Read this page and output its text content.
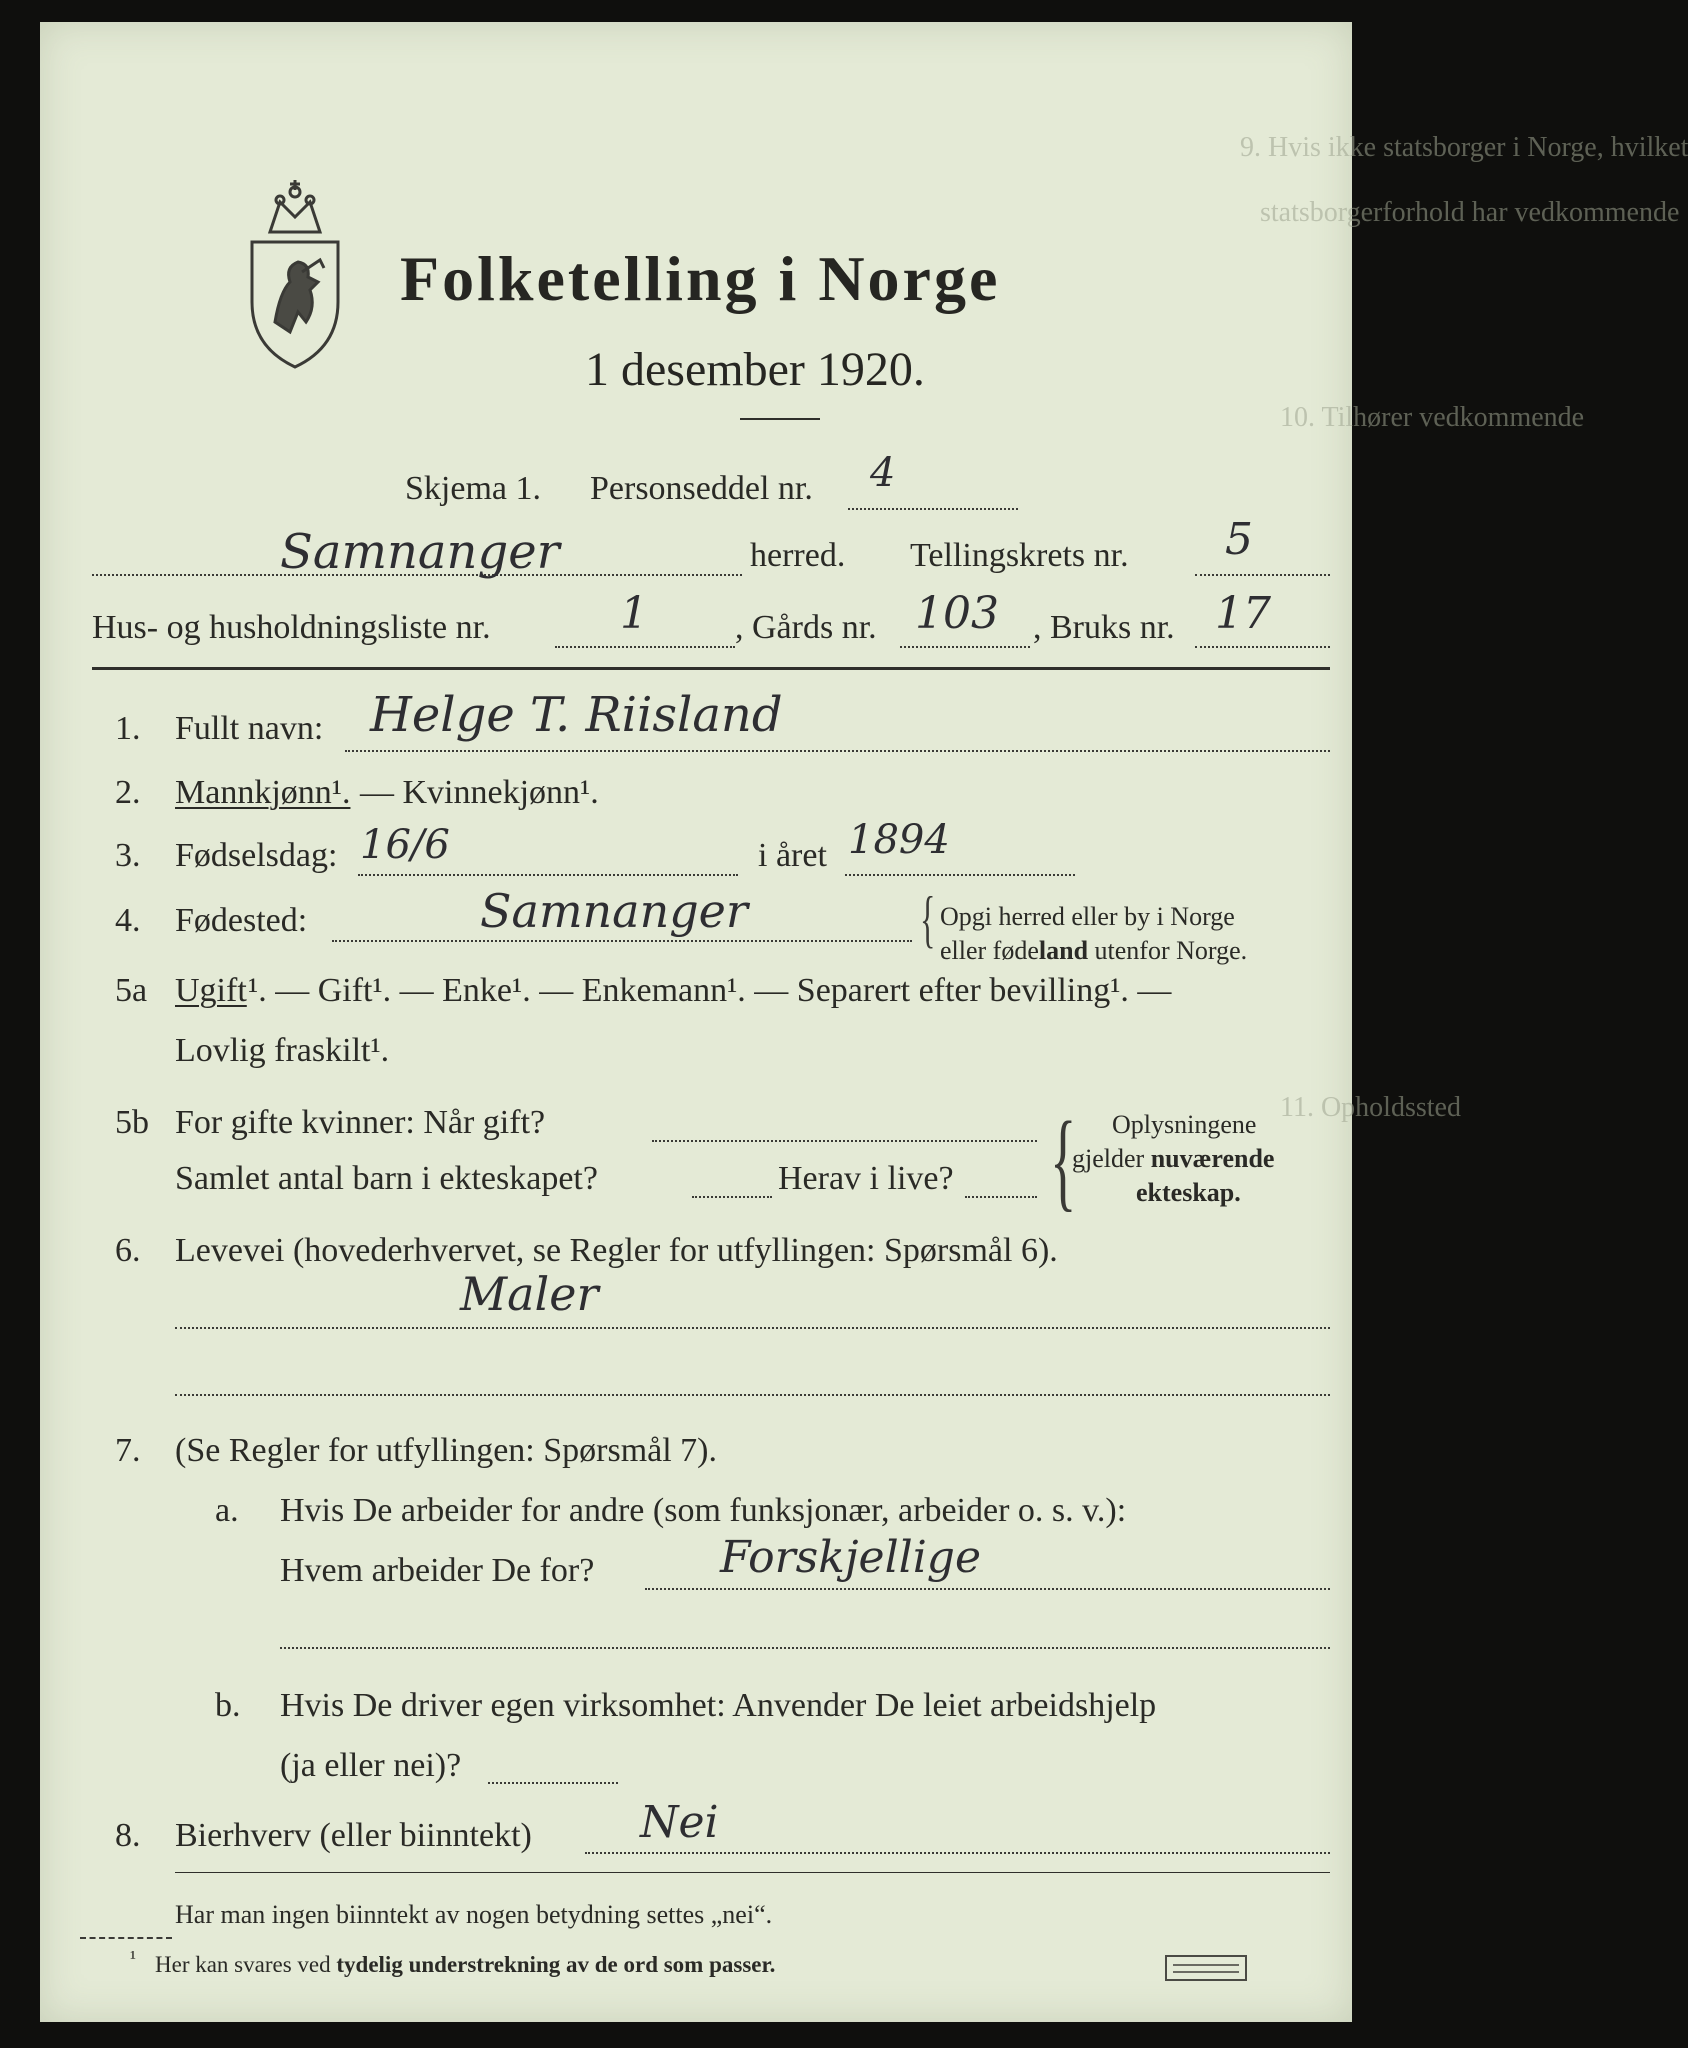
9. Hvis ikke statsborger i Norge, hvilket
statsborgerforhold har vedkommende
10. Tilhører vedkommende
11. Opholdssted
Folketelling i Norge
1 desember 1920.
Skjema 1. Personseddel nr. 4
Samnanger	herred. Tellingskrets nr. 5
Hus- og husholdningsliste nr.	1	, Gårds nr. 103 , Bruks nr. 17
1. Fullt navn: Helge T. Riisland
2. Mannkjønn¹. — Kvinnekjønn¹.
3. Fødselsdag: 16/6	i året 1894
4. Fødested:	Samnanger	{ Opgi herred eller by i Norge
eller fødeland utenfor Norge.
5a Ugift ¹. — Gift¹. — Enke¹. — Enkemann¹. — Separert efter bevilling¹. —
Lovlig fraskilt¹.
5b For gifte kvinner: Når gift?
Samlet antal barn i ekteskapet?	Herav i live? { Oplysningene
gjelder nuværende
ekteskap.
6. Levevei (hovederhvervet, se Regler for utfyllingen: Spørsmål 6).
Maler
7. (Se Regler for utfyllingen: Spørsmål 7).
a. Hvis De arbeider for andre (som funksjonær, arbeider o. s. v.):
Hvem arbeider De for?	Forskjellige
b. Hvis De driver egen virksomhet: Anvender De leiet arbeidshjelp
(ja eller nei)?
8. Bierhverv (eller biinntekt) Nei
Har man ingen biinntekt av nogen betydning settes „nei“.
¹ Her kan svares ved tydelig understrekning av de ord som passer.
